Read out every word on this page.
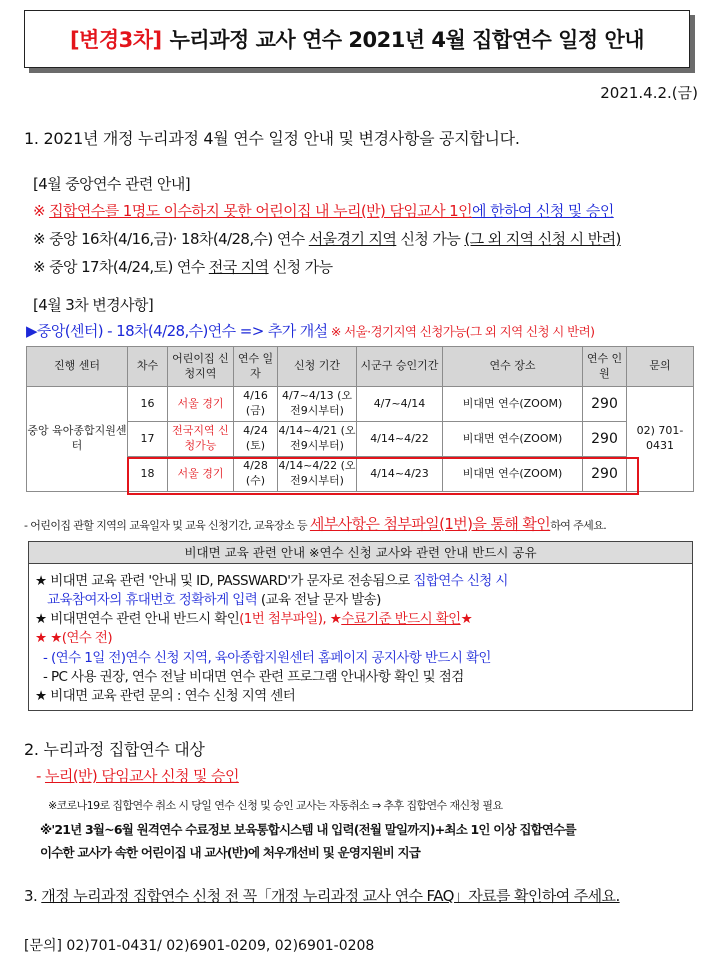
[변경3차] 누리과정 교사 연수 2021년 4월 집합연수 일정 안내
2021.4.2.(금)
1. 2021년 개정 누리과정 4월 연수 일정 안내 및 변경사항을 공지합니다.
[4월 중앙연수 관련 안내]
※ 집합연수를 1명도 이수하지 못한 어린이집 내 누리(반) 담임교사 1인에 한하여 신청 및 승인
※ 중앙 16차(4/16,금)· 18차(4/28,수) 연수 서울경기 지역 신청 가능 (그 외 지역 신청 시 반려)
※ 중앙 17차(4/24,토) 연수 전국 지역 신청 가능
[4월 3차 변경사항]
▶중앙(센터) - 18차(4/28,수)연수 => 추가 개설 ※ 서울·경기지역 신청가능(그 외 지역 신청 시 반려)
진행 센터	차수	어린이집 신청지역	연수 일자	신청 기간	시군구 승인기간	연수 장소	연수 인원	문의
중앙 육아종합지원센터	16	서울 경기	4/16 (금)	4/7~4/13 (오전9시부터)	4/7~4/14	비대면 연수(ZOOM)	290	02) 701-0431
	17	전국지역 신청가능	4/24 (토)	4/14~4/21 (오전9시부터)	4/14~4/22	비대면 연수(ZOOM)	290	
	18	서울 경기	4/28 (수)	4/14~4/22 (오전9시부터)	4/14~4/23	비대면 연수(ZOOM)	290	
- 어린이집 관할 지역의 교육일자 및 교육 신청기간, 교육장소 등 세부사항은 첨부파일(1번)을 통해 확인하여 주세요.
비대면 교육 관련 안내 ※연수 신청 교사와 관련 안내 반드시 공유
★ 비대면 교육 관련 '안내 및 ID, PASSWARD'가 문자로 전송됨으로 집합연수 신청 시
교육참여자의 휴대번호 정확하게 입력 (교육 전날 문자 발송)
★ 비대면연수 관련 안내 반드시 확인(1번 첨부파일), ★수료기준 반드시 확인★
★ ★(연수 전)
- (연수 1일 전)연수 신청 지역, 육아종합지원센터 홈페이지 공지사항 반드시 확인
- PC 사용 권장, 연수 전날 비대면 연수 관련 프로그램 안내사항 확인 및 점검
★ 비대면 교육 관련 문의 : 연수 신청 지역 센터
2. 누리과정 집합연수 대상
- 누리(반) 담임교사 신청 및 승인
※코로나19로 집합연수 취소 시 당일 연수 신청 및 승인 교사는 자동취소 ⇒ 추후 집합연수 재신청 필요
※'21년 3월~6월 원격연수 수료정보 보육통합시스템 내 입력(전월 말일까지)+최소 1인 이상 집합연수를
이수한 교사가 속한 어린이집 내 교사(반)에 처우개선비 및 운영지원비 지급
3. 개정 누리과정 집합연수 신청 전 꼭「개정 누리과정 교사 연수 FAQ」자료를 확인하여 주세요.
[문의] 02)701-0431/ 02)6901-0209, 02)6901-0208
